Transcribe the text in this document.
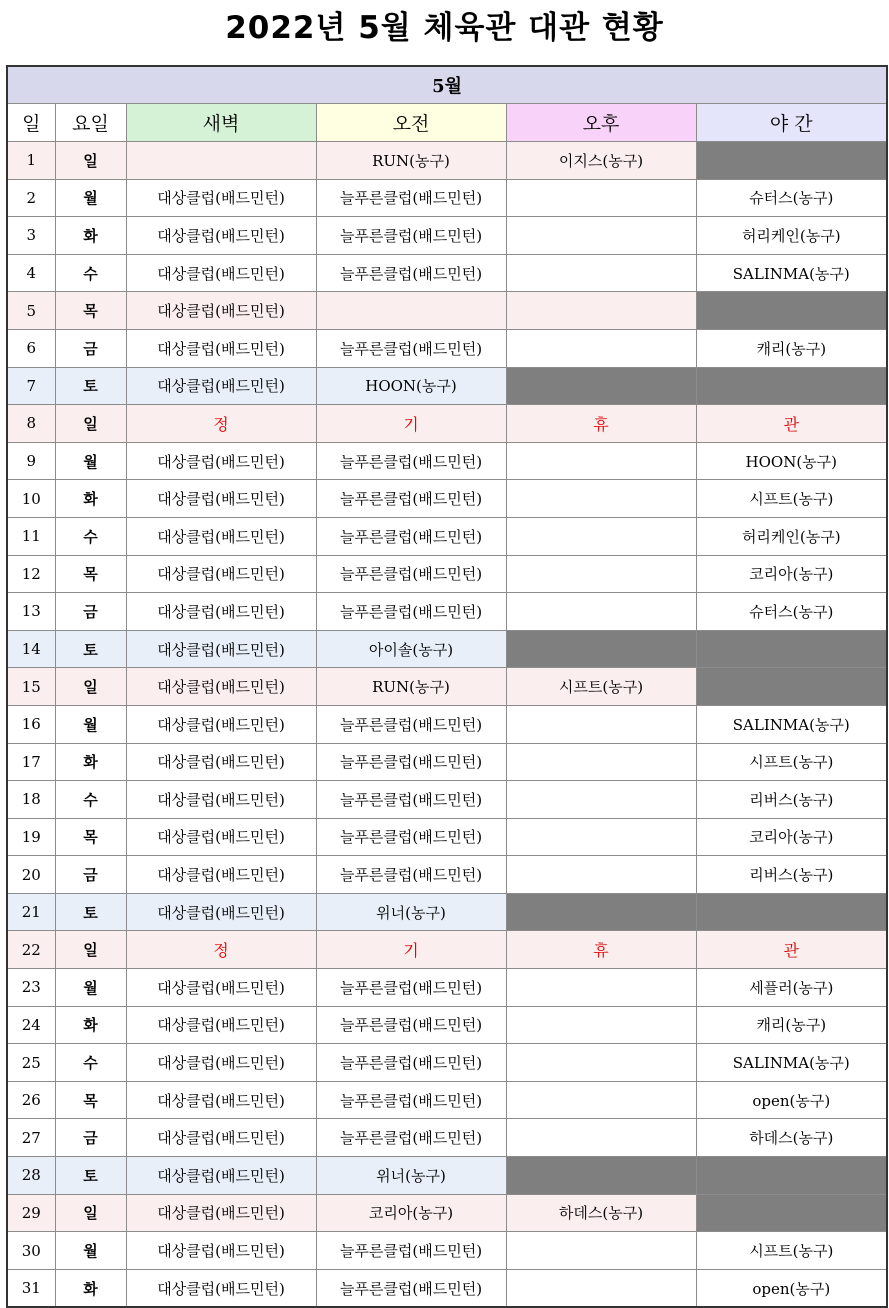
2022년 5월 체육관 대관 현황
5월					
일	요일	새벽	오전	오후	야 간
1	일		RUN(농구)	이지스(농구)	
2	월	대상클럽(배드민턴)	늘푸른클럽(배드민턴)		슈터스(농구)
3	화	대상클럽(배드민턴)	늘푸른클럽(배드민턴)		허리케인(농구)
4	수	대상클럽(배드민턴)	늘푸른클럽(배드민턴)		SALINMA(농구)
5	목	대상클럽(배드민턴)			
6	금	대상클럽(배드민턴)	늘푸른클럽(배드민턴)		캐리(농구)
7	토	대상클럽(배드민턴)	HOON(농구)		
8	일	정	기	휴	관
9	월	대상클럽(배드민턴)	늘푸른클럽(배드민턴)		HOON(농구)
10	화	대상클럽(배드민턴)	늘푸른클럽(배드민턴)		시프트(농구)
11	수	대상클럽(배드민턴)	늘푸른클럽(배드민턴)		허리케인(농구)
12	목	대상클럽(배드민턴)	늘푸른클럽(배드민턴)		코리아(농구)
13	금	대상클럽(배드민턴)	늘푸른클럽(배드민턴)		슈터스(농구)
14	토	대상클럽(배드민턴)	아이솔(농구)		
15	일	대상클럽(배드민턴)	RUN(농구)	시프트(농구)	
16	월	대상클럽(배드민턴)	늘푸른클럽(배드민턴)		SALINMA(농구)
17	화	대상클럽(배드민턴)	늘푸른클럽(배드민턴)		시프트(농구)
18	수	대상클럽(배드민턴)	늘푸른클럽(배드민턴)		리버스(농구)
19	목	대상클럽(배드민턴)	늘푸른클럽(배드민턴)		코리아(농구)
20	금	대상클럽(배드민턴)	늘푸른클럽(배드민턴)		리버스(농구)
21	토	대상클럽(배드민턴)	위너(농구)		
22	일	정	기	휴	관
23	월	대상클럽(배드민턴)	늘푸른클럽(배드민턴)		세플러(농구)
24	화	대상클럽(배드민턴)	늘푸른클럽(배드민턴)		캐리(농구)
25	수	대상클럽(배드민턴)	늘푸른클럽(배드민턴)		SALINMA(농구)
26	목	대상클럽(배드민턴)	늘푸른클럽(배드민턴)		open(농구)
27	금	대상클럽(배드민턴)	늘푸른클럽(배드민턴)		하데스(농구)
28	토	대상클럽(배드민턴)	위너(농구)		
29	일	대상클럽(배드민턴)	코리아(농구)	하데스(농구)	
30	월	대상클럽(배드민턴)	늘푸른클럽(배드민턴)		시프트(농구)
31	화	대상클럽(배드민턴)	늘푸른클럽(배드민턴)		open(농구)
